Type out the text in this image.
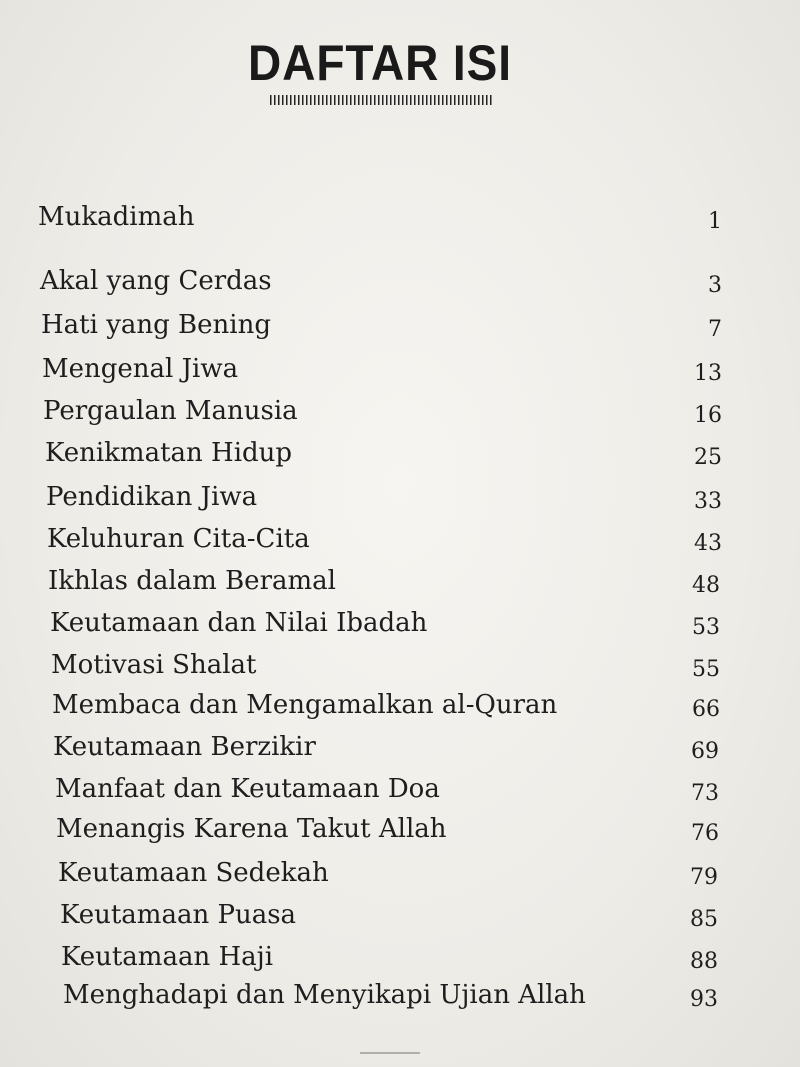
DAFTAR ISI
Mukadimah	1
Akal yang Cerdas	3
Hati yang Bening	7
Mengenal Jiwa	13
Pergaulan Manusia	16
Kenikmatan Hidup	25
Pendidikan Jiwa	33
Keluhuran Cita-Cita	43
Ikhlas dalam Beramal	48
Keutamaan dan Nilai Ibadah	53
Motivasi Shalat	55
Membaca dan Mengamalkan al-Quran	66
Keutamaan Berzikir	69
Manfaat dan Keutamaan Doa	73
Menangis Karena Takut Allah	76
Keutamaan Sedekah	79
Keutamaan Puasa	85
Keutamaan Haji	88
Menghadapi dan Menyikapi Ujian Allah	93
